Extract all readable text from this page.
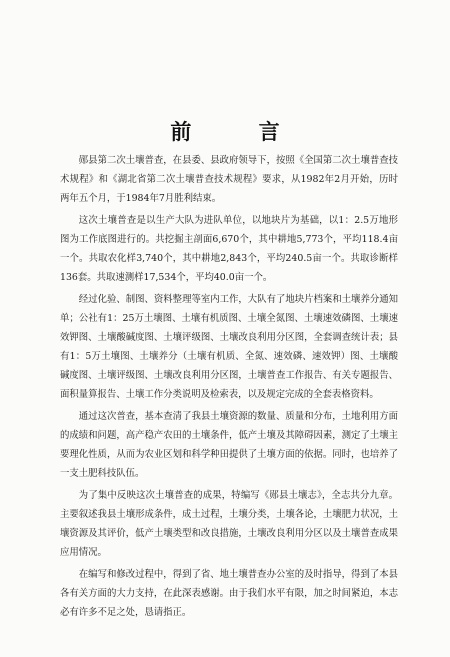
前 言

郧县第二次土壤普查，在县委、县政府领导下，按照《全国第二次土壤普查技术规程》和《湖北省第二次土壤普查技术规程》要求，从1982年2月开始，历时两年五个月，于1984年7月胜利结束。

这次土壤普查是以生产大队为进队单位，以地块片为基础，以1：2.5万地形图为工作底图进行的。共挖掘主剖面6,670个，其中耕地5,773个，平均118.4亩一个。共取农化样3,740个，其中耕地2,843个，平均240.5亩一个。共取诊断样136套。共取速测样17,534个，平均40.0亩一个。

经过化验、制图、资料整理等室内工作，大队有了地块片档案和土壤养分通知单；公社有1：25万土壤图、土壤有机质图、土壤全氮图、土壤速效磷图、土壤速效钾图、土壤酸碱度图、土壤评级图、土壤改良利用分区图，全套调查统计表；县有1：5万土壤图、土壤养分（土壤有机质、全氮、速效磷、速效钾）图、土壤酸碱度图、土壤评级图、土壤改良利用分区图，土壤普查工作报告、有关专题报告、面积量算报告、土壤工作分类说明及检索表，以及规定完成的全套表格资料。

通过这次普查，基本查清了我县土壤资源的数量、质量和分布，土地利用方面的成绩和问题，高产稳产农田的土壤条件，低产土壤及其障碍因素，测定了土壤主要理化性质，从而为农业区划和科学种田提供了土壤方面的依据。同时，也培养了一支土肥科技队伍。

为了集中反映这次土壤普查的成果，特编写《郧县土壤志》，全志共分九章。主要叙述我县土壤形成条件，成土过程，土壤分类，土壤各论，土壤肥力状况，土壤资源及其评价，低产土壤类型和改良措施，土壤改良利用分区以及土壤普查成果应用情况。

在编写和修改过程中，得到了省、地土壤普查办公室的及时指导，得到了本县各有关方面的大力支持，在此深表感谢。由于我们水平有限，加之时间紧迫，本志必有许多不足之处，恳请指正。
